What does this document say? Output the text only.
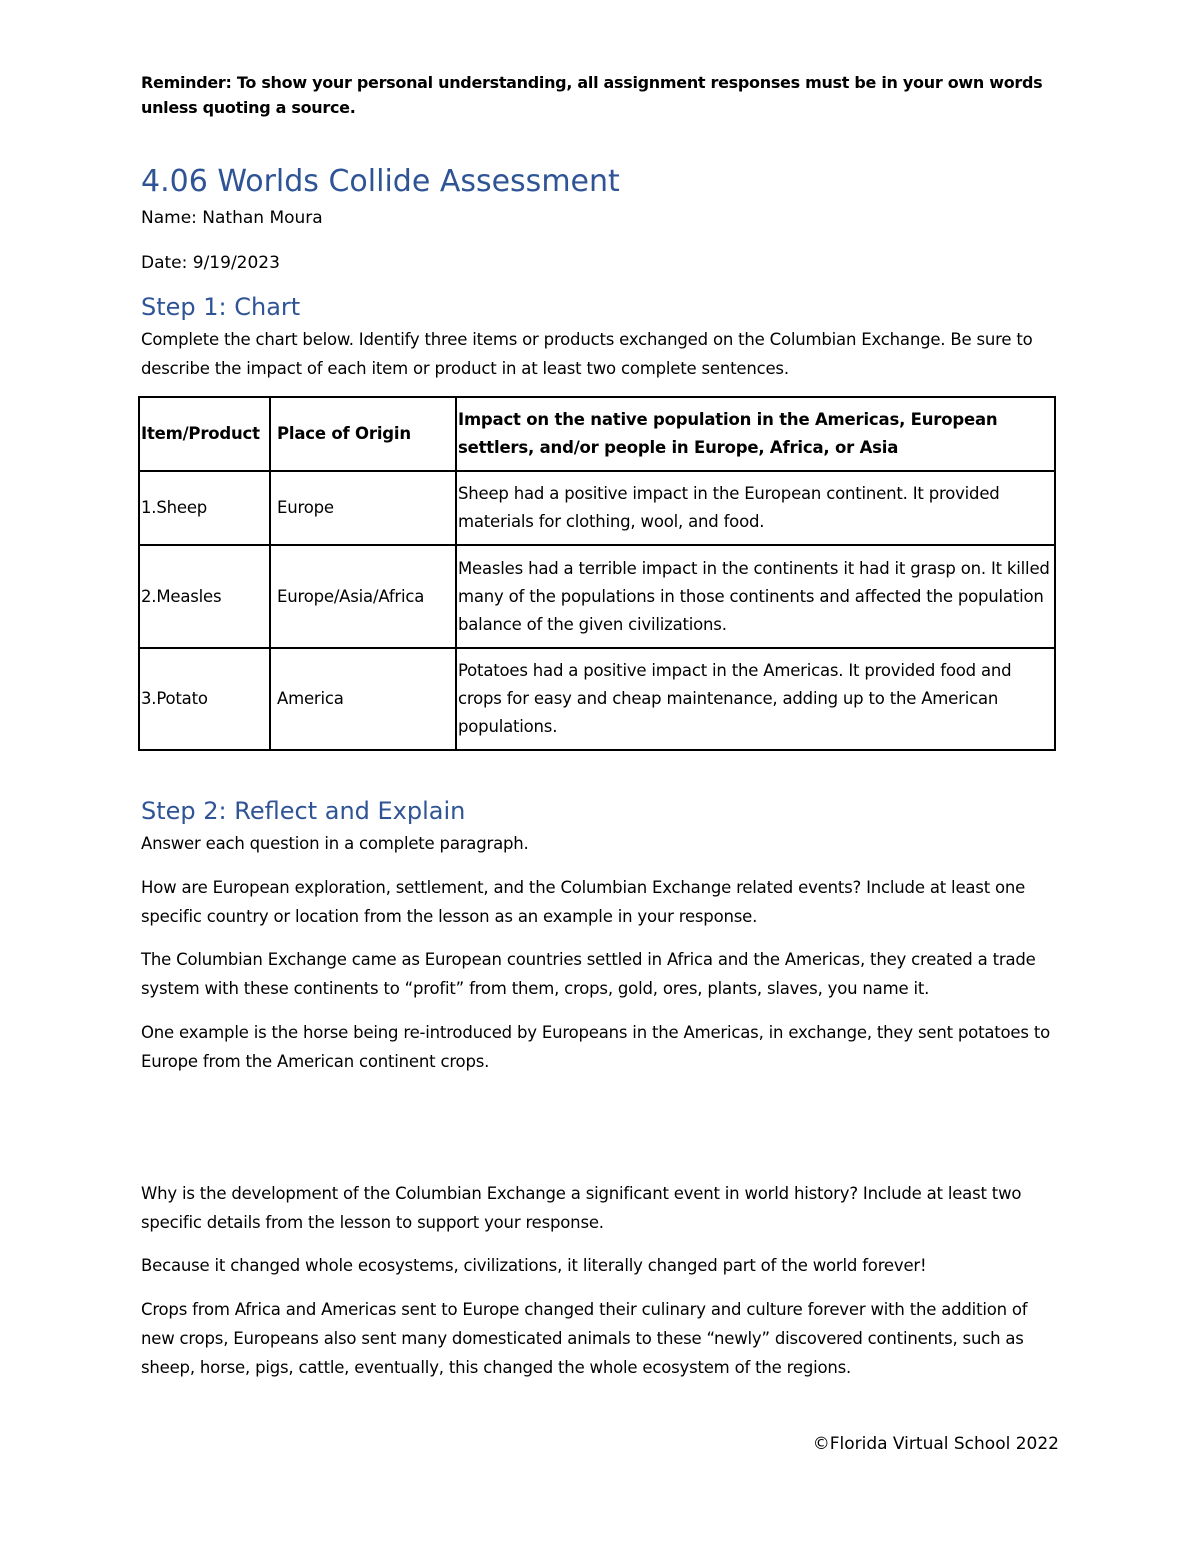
Reminder: To show your personal understanding, all assignment responses must be in your own words unless quoting a source.
4.06 Worlds Collide Assessment
Name: Nathan Moura
Date: 9/19/2023
Step 1: Chart

Complete the chart below. Identify three items or products exchanged on the Columbian Exchange. Be sure to describe the impact of each item or product in at least two complete sentences.

Item/Product	Place of Origin	Impact on the native population in the Americas, European settlers, and/or people in Europe, Africa, or Asia
1.Sheep	Europe	Sheep had a positive impact in the European continent. It provided materials for clothing, wool, and food.
2.Measles	Europe/Asia/Africa	Measles had a terrible impact in the continents it had it grasp on. It killed many of the populations in those continents and affected the population balance of the given civilizations.
3.Potato	America	Potatoes had a positive impact in the Americas. It provided food and crops for easy and cheap maintenance, adding up to the American populations.
Step 2: Reflect and Explain

Answer each question in a complete paragraph.

How are European exploration, settlement, and the Columbian Exchange related events? Include at least one specific country or location from the lesson as an example in your response.

The Columbian Exchange came as European countries settled in Africa and the Americas, they created a trade system with these continents to “profit” from them, crops, gold, ores, plants, slaves, you name it.

One example is the horse being re-introduced by Europeans in the Americas, in exchange, they sent potatoes to Europe from the American continent crops.

Why is the development of the Columbian Exchange a significant event in world history? Include at least two specific details from the lesson to support your response.

Because it changed whole ecosystems, civilizations, it literally changed part of the world forever!

Crops from Africa and Americas sent to Europe changed their culinary and culture forever with the addition of new crops, Europeans also sent many domesticated animals to these “newly” discovered continents, such as sheep, horse, pigs, cattle, eventually, this changed the whole ecosystem of the regions.

©Florida Virtual School 2022
